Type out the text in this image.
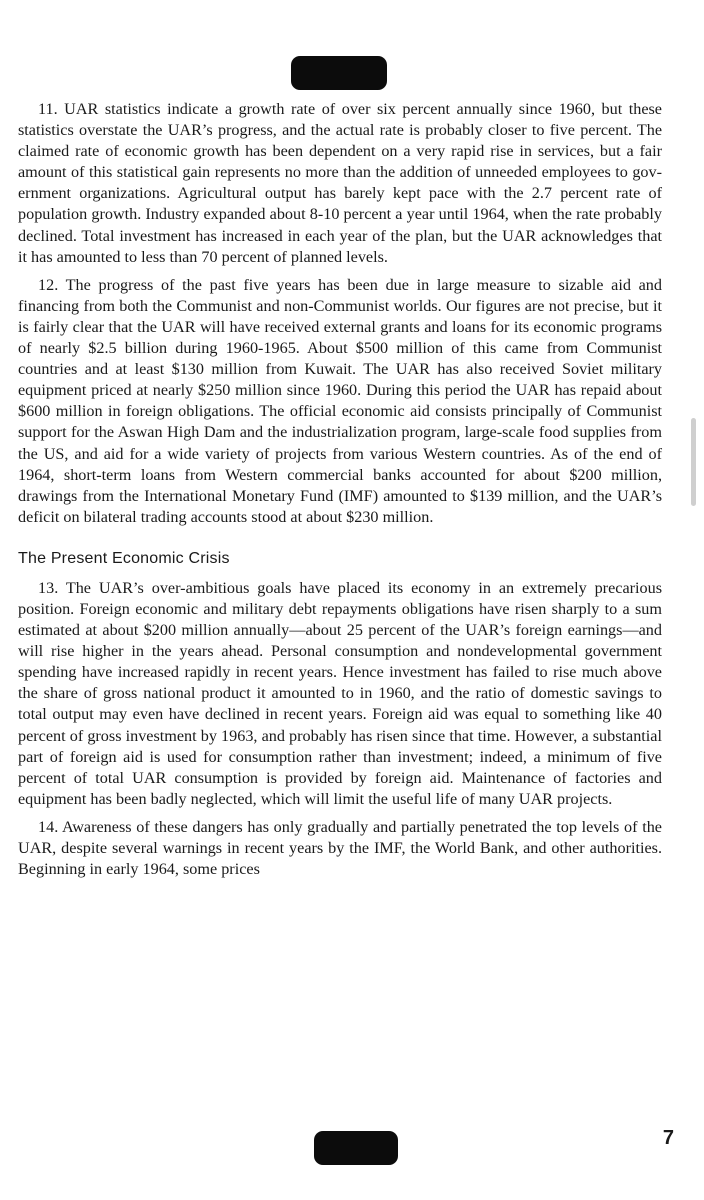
11. UAR statistics indicate a growth rate of over six percent annually since 1960, but these statistics overstate the UAR’s progress, and the actual rate is probably closer to five percent. The claimed rate of economic growth has been dependent on a very rapid rise in services, but a fair amount of this statistical gain represents no more than the addition of unneeded employees to government organizations. Agricultural output has barely kept pace with the 2.7 percent rate of population growth. Industry expanded about 8-10 percent a year until 1964, when the rate probably declined. Total investment has increased in each year of the plan, but the UAR acknowledges that it has amounted to less than 70 percent of planned levels.

12. The progress of the past five years has been due in large measure to sizable aid and financing from both the Communist and non-Communist worlds. Our figures are not precise, but it is fairly clear that the UAR will have received external grants and loans for its economic programs of nearly $2.5 billion during 1960-1965. About $500 million of this came from Communist countries and at least $130 million from Kuwait. The UAR has also received Soviet military equipment priced at nearly $250 million since 1960. During this period the UAR has repaid about $600 million in foreign obligations. The official economic aid consists principally of Communist support for the Aswan High Dam and the industrialization program, large-scale food supplies from the US, and aid for a wide variety of projects from various Western countries. As of the end of 1964, short-term loans from Western commercial banks accounted for about $200 million, drawings from the International Monetary Fund (IMF) amounted to $139 million, and the UAR’s deficit on bilateral trading accounts stood at about $230 million.

The Present Economic Crisis

13. The UAR’s over-ambitious goals have placed its economy in an extremely precarious position. Foreign economic and military debt repayments obligations have risen sharply to a sum estimated at about $200 million annually—about 25 percent of the UAR’s foreign earnings—and will rise higher in the years ahead. Personal consumption and nondevelopmental government spending have increased rapidly in recent years. Hence investment has failed to rise much above the share of gross national product it amounted to in 1960, and the ratio of domestic savings to total output may even have declined in recent years. Foreign aid was equal to something like 40 percent of gross investment by 1963, and probably has risen since that time. However, a substantial part of foreign aid is used for consumption rather than investment; indeed, a minimum of five percent of total UAR consumption is provided by foreign aid. Maintenance of factories and equipment has been badly neglected, which will limit the useful life of many UAR projects.

14. Awareness of these dangers has only gradually and partially penetrated the top levels of the UAR, despite several warnings in recent years by the IMF, the World Bank, and other authorities. Beginning in early 1964, some prices

7
